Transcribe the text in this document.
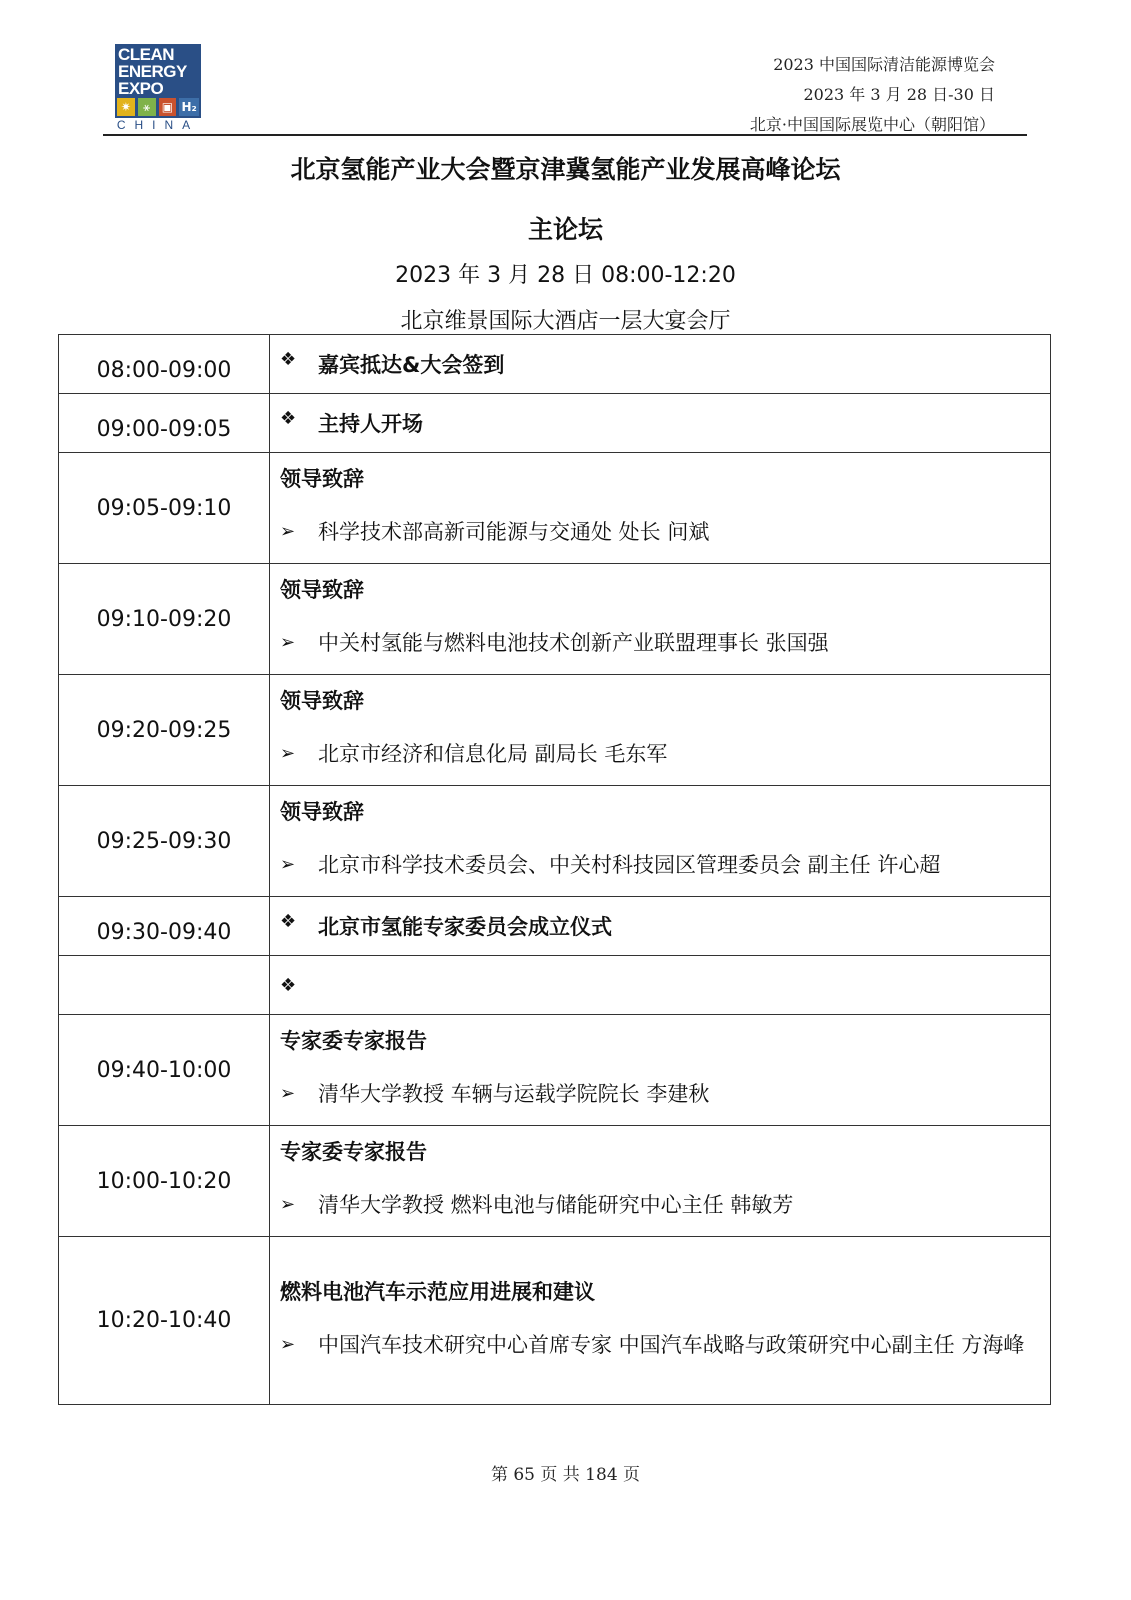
CLEAN
ENERGY
EXPO
✷	⚹ ▣ H₂
CHINA
2023 中国国际清洁能源博览会
2023 年 3 月 28 日-30 日
北京·中国国际展览中心（朝阳馆）
北京氢能产业大会暨京津冀氢能产业发展高峰论坛
主论坛
2023 年 3 月 28 日 08:00-12:20
北京维景国际大酒店一层大宴会厅
08:00-09:00	❖ 嘉宾抵达&大会签到

09:00-09:05	❖ 主持人开场

09:05-09:10	领导致辞
➢ 科学技术部高新司能源与交通处 处长 问斌

09:10-09:20	领导致辞
➢ 中关村氢能与燃料电池技术创新产业联盟理事长 张国强

09:20-09:25	领导致辞
➢ 北京市经济和信息化局 副局长 毛东军

09:25-09:30	领导致辞
➢ 北京市科学技术委员会、中关村科技园区管理委员会 副主任 许心超

09:30-09:40	❖ 北京市氢能专家委员会成立仪式

	❖

09:40-10:00	专家委专家报告
➢ 清华大学教授 车辆与运载学院院长 李建秋

10:00-10:20	专家委专家报告
➢ 清华大学教授 燃料电池与储能研究中心主任 韩敏芳

10:20-10:40	燃料电池汽车示范应用进展和建议
➢ 中国汽车技术研究中心首席专家 中国汽车战略与政策研究中心副主任 方海峰
第 65 页 共 184 页
